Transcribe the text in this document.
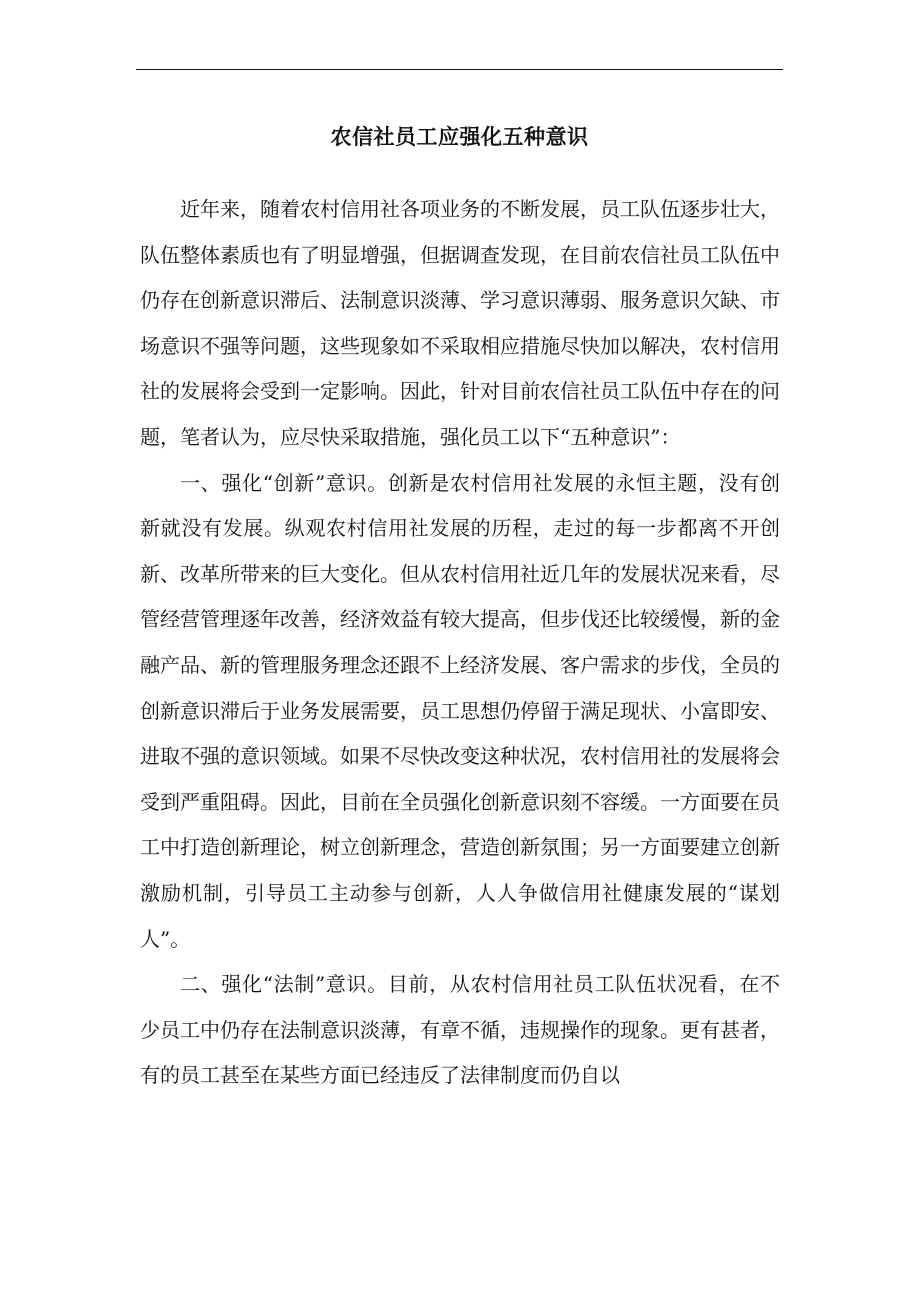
农信社员工应强化五种意识

近年来，随着农村信用社各项业务的不断发展，员工队伍逐步壮大，队伍整体素质也有了明显增强，但据调查发现，在目前农信社员工队伍中仍存在创新意识滞后、法制意识淡薄、学习意识薄弱、服务意识欠缺、市场意识不强等问题，这些现象如不采取相应措施尽快加以解决，农村信用社的发展将会受到一定影响。因此，针对目前农信社员工队伍中存在的问题，笔者认为，应尽快采取措施，强化员工以下“五种意识”：

一、强化“创新”意识。创新是农村信用社发展的永恒主题，没有创新就没有发展。纵观农村信用社发展的历程，走过的每一步都离不开创新、改革所带来的巨大变化。但从农村信用社近几年的发展状况来看，尽管经营管理逐年改善，经济效益有较大提高，但步伐还比较缓慢，新的金融产品、新的管理服务理念还跟不上经济发展、客户需求的步伐，全员的创新意识滞后于业务发展需要，员工思想仍停留于满足现状、小富即安、进取不强的意识领域。如果不尽快改变这种状况，农村信用社的发展将会受到严重阻碍。因此，目前在全员强化创新意识刻不容缓。一方面要在员工中打造创新理论，树立创新理念，营造创新氛围；另一方面要建立创新激励机制，引导员工主动参与创新，人人争做信用社健康发展的“谋划人”。

二、强化“法制”意识。目前，从农村信用社员工队伍状况看，在不少员工中仍存在法制意识淡薄，有章不循，违规操作的现象。更有甚者，有的员工甚至在某些方面已经违反了法律制度而仍自以
